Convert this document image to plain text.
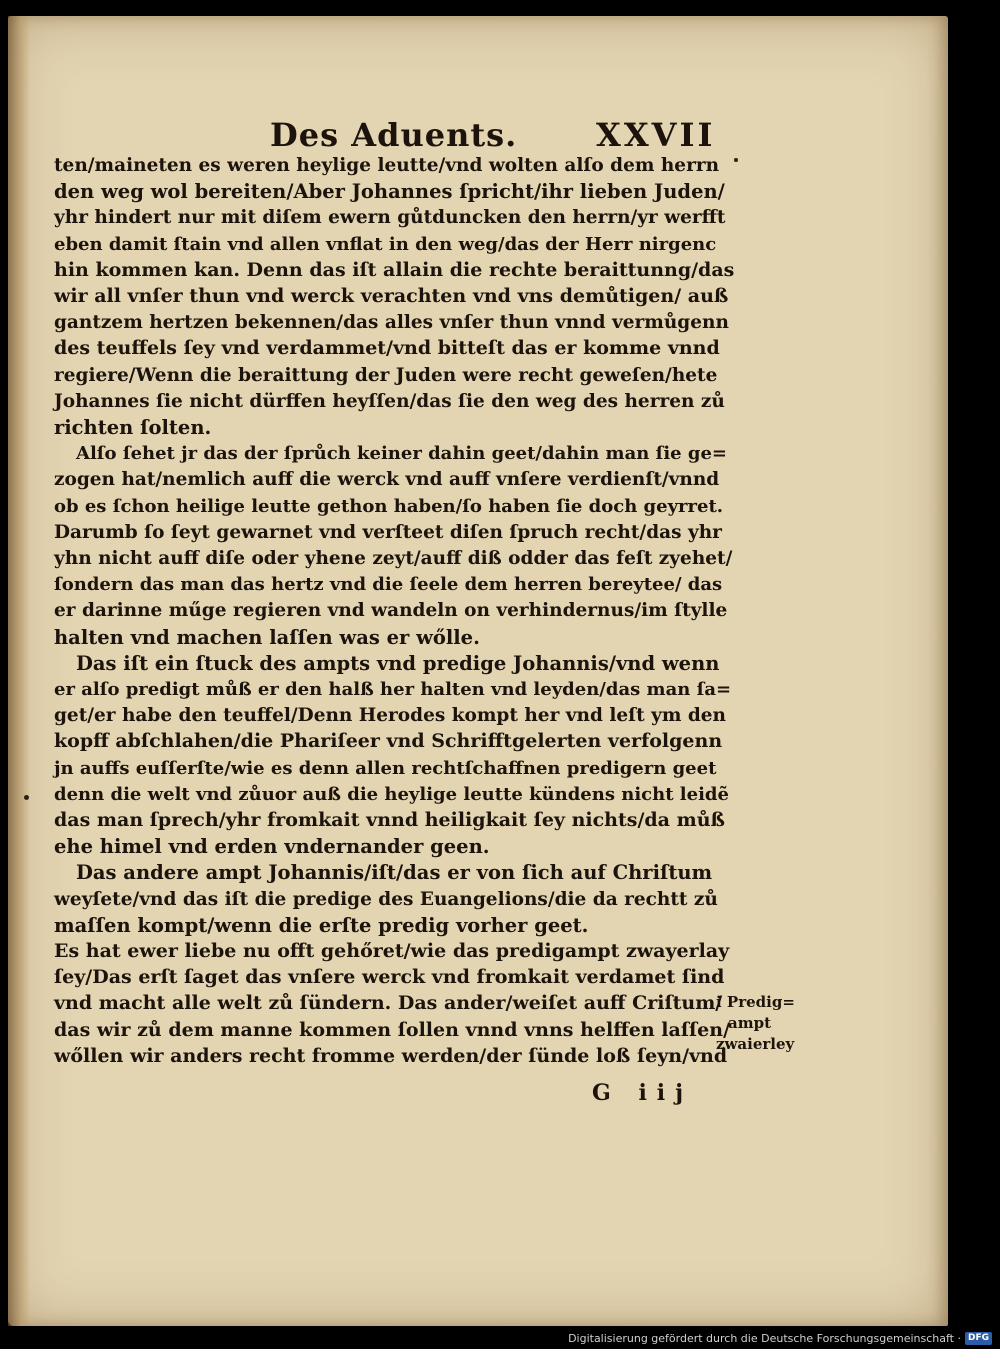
Des Aduents. XXVII
ten/maineten es weren heylige leutte/vnd wolten alſo dem herrn
den weg wol bereiten/Aber Johannes ſpricht/ihr lieben Juden/
yhr hindert nur mit diſem ewern gůtduncken den herrn/yr werfft
eben damit ſtain vnd allen vnflat in den weg/das der Herr nirgenc
hin kommen kan. Denn das iſt allain die rechte beraittunng/das
wir all vnſer thun vnd werck verachten vnd vns demůtigen/ auß
gantzem hertzen bekennen/das alles vnſer thun vnnd vermůgenn
des teuffels ſey vnd verdammet/vnd bitteſt das er komme vnnd
regiere/Wenn die beraittung der Juden were recht geweſen/hete
Johannes ſie nicht dürffen heyſſen/das ſie den weg des herren zů
richten ſolten.
Alſo ſehet jr das der ſprůch keiner dahin geet/dahin man ſie ge=
zogen hat/nemlich auff die werck vnd auff vnſere verdienſt/vnnd
ob es ſchon heilige leutte gethon haben/ſo haben ſie doch geyrret.
Darumb ſo ſeyt gewarnet vnd verſteet diſen ſpruch recht/das yhr
yhn nicht auff diſe oder yhene zeyt/auff diß odder das feſt zyehet/
ſondern das man das hertz vnd die ſeele dem herren bereytee/ das
er darinne műge regieren vnd wandeln on verhindernus/im ſtylle
halten vnd machen laſſen was er wőlle.
Das iſt ein ſtuck des ampts vnd predige Johannis/vnd wenn
er alſo predigt můß er den halß her halten vnd leyden/das man ſa=
get/er habe den teuffel/Denn Herodes kompt her vnd leſt ym den
kopff abſchlahen/die Phariſeer vnd Schrifftgelerten verfolgenn
jn auffs euſſerſte/wie es denn allen rechtſchaffnen predigern geet
denn die welt vnd zůuor auß die heylige leutte kündens nicht leidẽ
das man ſprech/yhr fromkait vnnd heiligkait ſey nichts/da můß
ehe himel vnd erden vndernander geen.
Das andere ampt Johannis/iſt/das er von ſich auf Chriſtum
weyſete/vnd das iſt die predige des Euangelions/die da rechtt zů
maſſen kompt/wenn die erſte predig vorher geet.
Es hat ewer liebe nu offt gehőret/wie das predigampt zwayerlay
ſey/Das erſt ſaget das vnſere werck vnd fromkait verdamet ſind
vnd macht alle welt zů ſündern. Das ander/weiſet auff Criſtum/
das wir zů dem manne kommen ſollen vnnd vnns helffen laſſen/
wőllen wir anders recht fromme werden/der ſünde loß ſeyn/vnd
i Predig=
ampt
zwaierley
G iij
Digitalisierung gefördert durch die Deutsche Forschungsgemeinschaft · DFG
